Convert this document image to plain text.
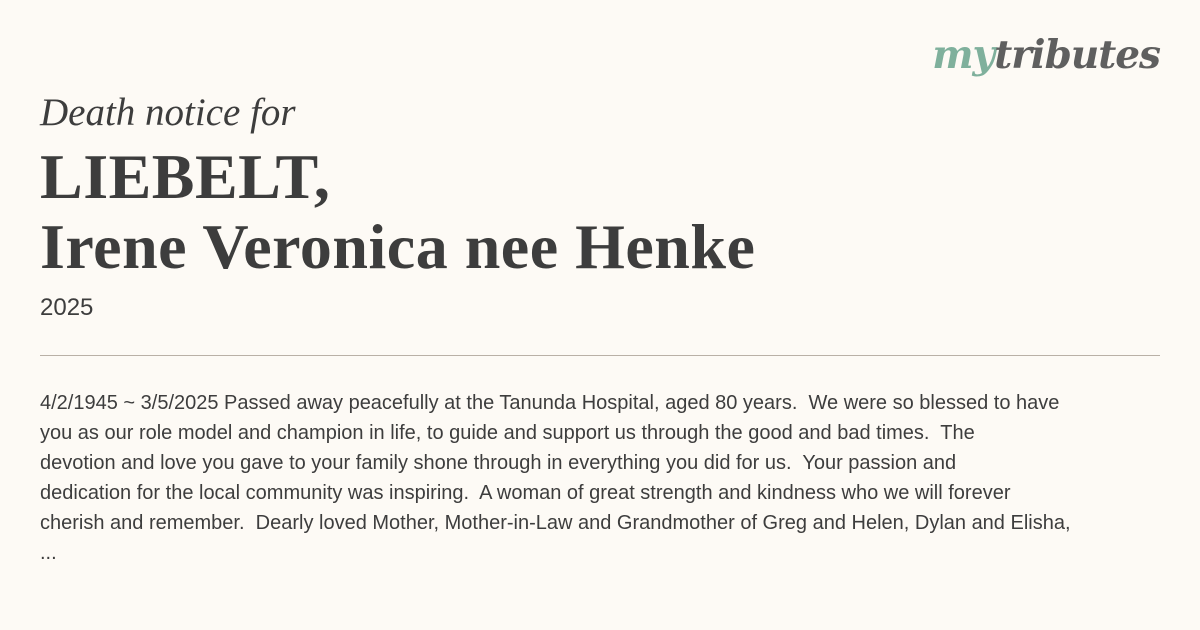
mytributes
Death notice for
LIEBELT,
Irene Veronica nee Henke
2025
4/2/1945 ~ 3/5/2025 Passed away peacefully at the Tanunda Hospital, aged 80 years.  We were so blessed to have
you as our role model and champion in life, to guide and support us through the good and bad times.  The
devotion and love you gave to your family shone through in everything you did for us.  Your passion and
dedication for the local community was inspiring.  A woman of great strength and kindness who we will forever
cherish and remember.  Dearly loved Mother, Mother-in-Law and Grandmother of Greg and Helen, Dylan and Elisha,
...
